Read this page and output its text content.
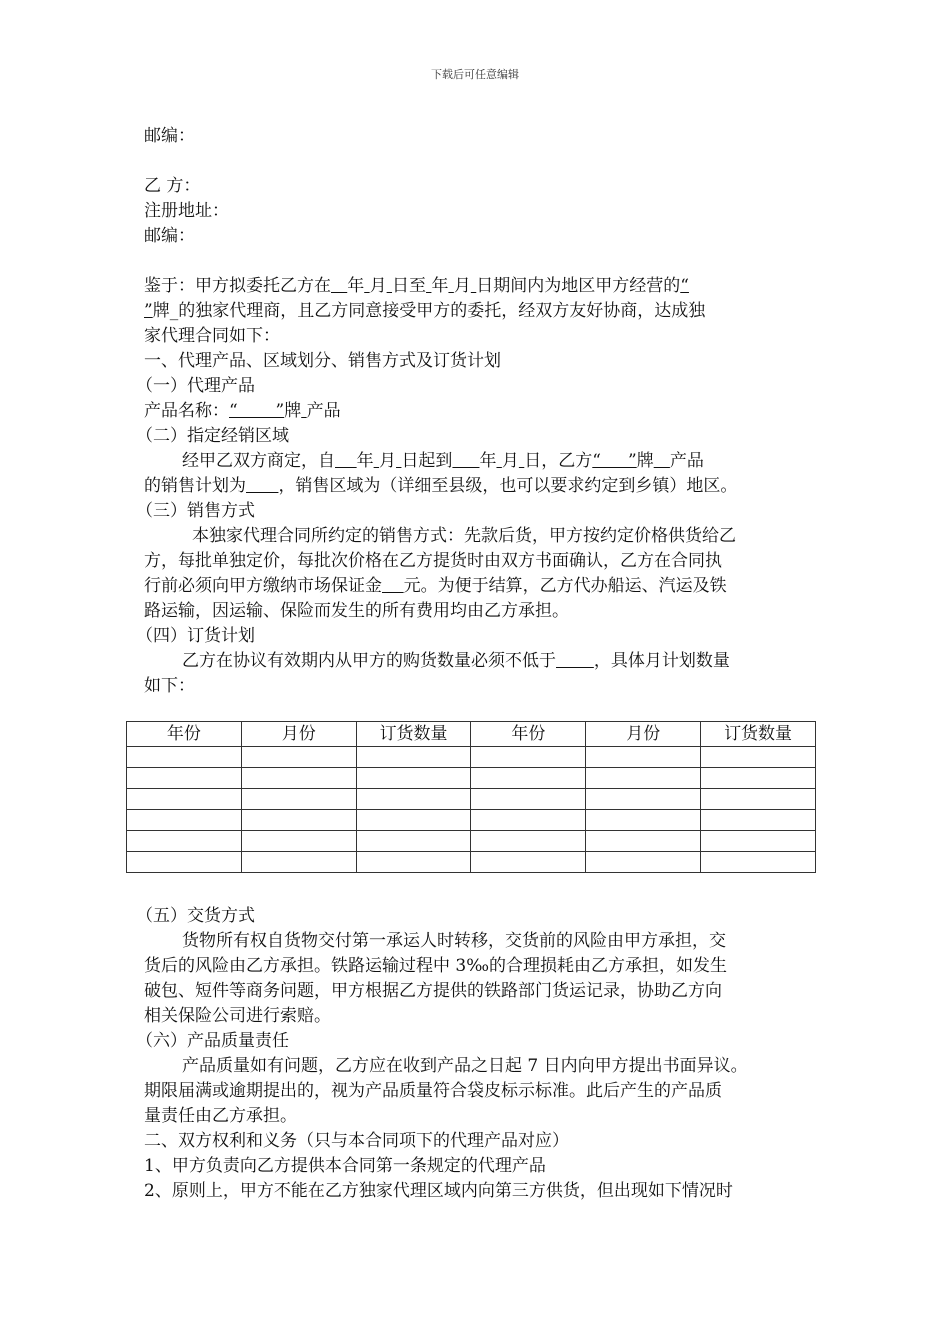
下载后可任意编辑
邮编：
乙 方：
注册地址：
邮编：
鉴于：甲方拟委托乙方在 年 月 日至 年 月 日期间内为地区甲方经营的“
”牌_的独家代理商，且乙方同意接受甲方的委托，经双方友好协商，达成独
家代理合同如下：
一、代理产品、区域划分、销售方式及订货计划
（一）代理产品
产品名称：“       ”牌 产品
（二）指定经销区域
经甲乙双方商定，自 年 月 日起到 年 月 日，乙方“     ”牌 产品
的销售计划为 ，销售区域为（详细至县级，也可以要求约定到乡镇）地区。
（三）销售方式
本独家代理合同所约定的销售方式：先款后货，甲方按约定价格供货给乙
方，每批单独定价，每批次价格在乙方提货时由双方书面确认，乙方在合同执
行前必须向甲方缴纳市场保证金 元。为便于结算，乙方代办船运、汽运及铁
路运输，因运输、保险而发生的所有费用均由乙方承担。
（四）订货计划
乙方在协议有效期内从甲方的购货数量必须不低于 ，具体月计划数量
如下：
年份	月份	订货数量	年份	月份	订货数量

（五）交货方式
货物所有权自货物交付第一承运人时转移，交货前的风险由甲方承担，交
货后的风险由乙方承担。铁路运输过程中 3‰的合理损耗由乙方承担，如发生
破包、短件等商务问题，甲方根据乙方提供的铁路部门货运记录，协助乙方向
相关保险公司进行索赔。
（六）产品质量责任
产品质量如有问题，乙方应在收到产品之日起 7 日内向甲方提出书面异议。
期限届满或逾期提出的，视为产品质量符合袋皮标示标准。此后产生的产品质
量责任由乙方承担。
二、双方权利和义务（只与本合同项下的代理产品对应）
1、甲方负责向乙方提供本合同第一条规定的代理产品
2、原则上，甲方不能在乙方独家代理区域内向第三方供货，但出现如下情况时
